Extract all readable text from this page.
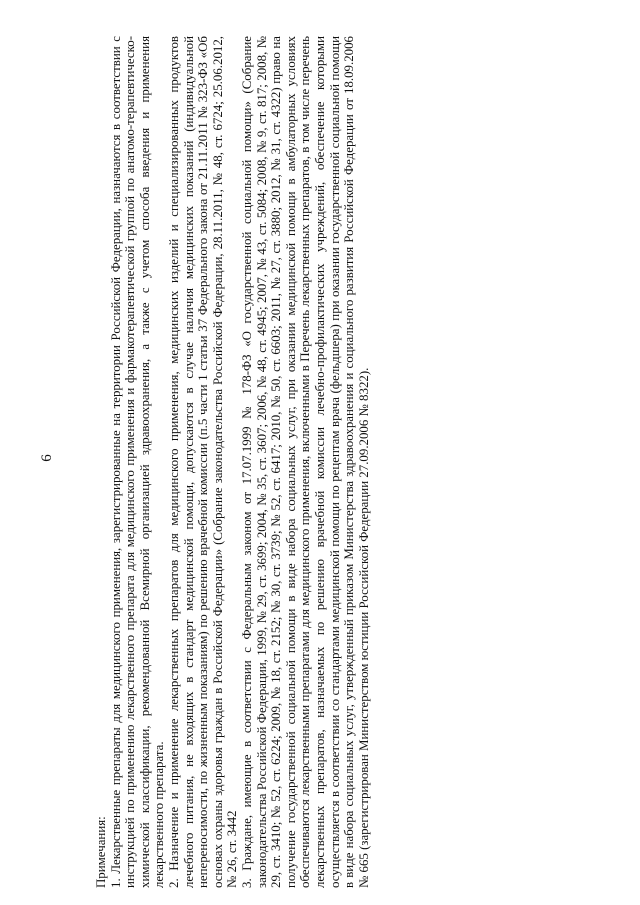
6

Примечания: 1. Лекарственные препараты для медицинского применения, зарегистрированные на территории Российской Федерации, назначаются в соответствии с инструкцией по применению лекарственного препарата для медицинского применения и фармакотерапевтической группой по анатомо-терапевтическо-химической классификации, рекомендованной Всемирной организацией здравоохранения, а также с учетом способа введения и применения лекарственного препарата. 2. Назначение и применение лекарственных препаратов для медицинского применения, медицинских изделий и специализированных продуктов лечебного питания, не входящих в стандарт медицинской помощи, допускаются в случае наличия медицинских показаний (индивидуальной непереносимости, по жизненным показаниям) по решению врачебной комиссии (п.5 части 1 статьи 37 Федерального закона от 21.11.2011 № 323-ФЗ «Об основах охраны здоровья граждан в Российской Федерации» (Собрание законодательства Российской Федерации, 28.11.2011, № 48, ст. 6724; 25.06.2012, № 26, ст. 3442 3. Граждане, имеющие в соответствии с Федеральным законом от 17.07.1999 № 178-ФЗ «О государственной социальной помощи» (Собрание законодательства Российской Федерации, 1999, № 29, ст. 3699; 2004, № 35, ст. 3607; 2006, № 48, ст. 4945; 2007, № 43, ст. 5084; 2008, № 9, ст. 817; 2008, № 29, ст. 3410; № 52, ст. 6224; 2009, № 18, ст. 2152; № 30, ст. 3739; № 52, ст. 6417; 2010, № 50, ст. 6603; 2011, № 27, ст. 3880; 2012, № 31, ст. 4322) право на получение государственной социальной помощи в виде набора социальных услуг, при оказании медицинской помощи в амбулаторных условиях обеспечиваются лекарственными препаратами для медицинского применения, включенными в Перечень лекарственных препаратов, в том числе перечень лекарственных препаратов, назначаемых по решению врачебной комиссии лечебно-профилактических учреждений, обеспечение которыми осуществляется в соответствии со стандартами медицинской помощи по рецептам врача (фельдшера) при оказании государственной социальной помощи в виде набора социальных услуг, утвержденный приказом Министерства здравоохранения и социального развития Российской Федерации от 18.09.2006 № 665 (зарегистрирован Министерством юстиции Российской Федерации 27.09.2006 № 8322).
